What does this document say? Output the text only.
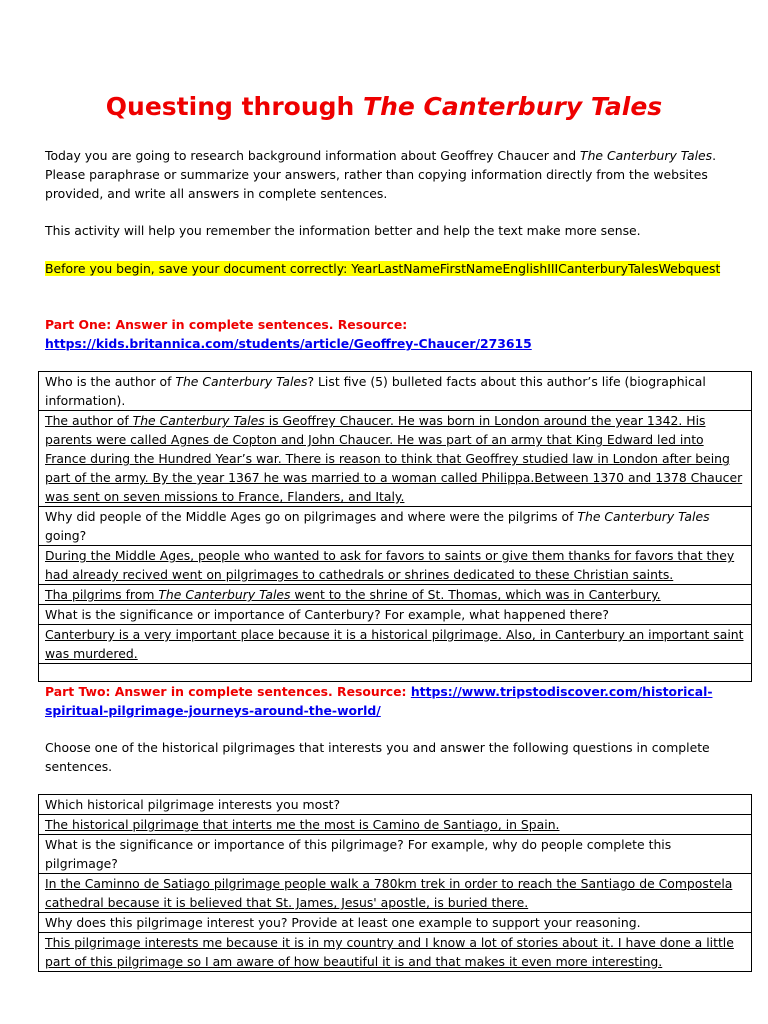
Questing through The Canterbury Tales

Today you are going to research background information about Geoffrey Chaucer and The Canterbury Tales. Please paraphrase or summarize your answers, rather than copying information directly from the websites provided, and write all answers in complete sentences.

This activity will help you remember the information better and help the text make more sense.

Before you begin, save your document correctly: YearLastNameFirstNameEnglishIIICanterburyTalesWebquest

Part One: Answer in complete sentences. Resource: https://kids.britannica.com/students/article/Geoffrey-Chaucer/273615

Who is the author of The Canterbury Tales? List five (5) bulleted facts about this author’s life (biographical information).
The author of The Canterbury Tales is Geoffrey Chaucer. He was born in London around the year 1342. His parents were called Agnes de Copton and John Chaucer. He was part of an army that King Edward led into France during the Hundred Year’s war. There is reason to think that Geoffrey studied law in London after being part of the army. By the year 1367 he was married to a woman called Philippa.Between 1370 and 1378 Chaucer was sent on seven missions to France, Flanders, and Italy.
Why did people of the Middle Ages go on pilgrimages and where were the pilgrims of The Canterbury Tales going?
During the Middle Ages, people who wanted to ask for favors to saints or give them thanks for favors that they had already recived went on pilgrimages to cathedrals or shrines dedicated to these Christian saints.
Tha pilgrims from The Canterbury Tales went to the shrine of St. Thomas, which was in Canterbury.
What is the significance or importance of Canterbury? For example, what happened there?
Canterbury is a very important place because it is a historical pilgrimage. Also, in Canterbury an important saint was murdered.

Part Two: Answer in complete sentences. Resource: https://www.tripstodiscover.com/historical-spiritual-pilgrimage-journeys-around-the-world/

Choose one of the historical pilgrimages that interests you and answer the following questions in complete sentences.

Which historical pilgrimage interests you most?
The historical pilgrimage that interts me the most is Camino de Santiago, in Spain.
What is the significance or importance of this pilgrimage? For example, why do people complete this pilgrimage?
In the Caminno de Satiago pilgrimage people walk a 780km trek in order to reach the Santiago de Compostela cathedral because it is believed that St. James, Jesus' apostle, is buried there.
Why does this pilgrimage interest you? Provide at least one example to support your reasoning.
This pilgrimage interests me because it is in my country and I know a lot of stories about it. I have done a little part of this pilgrimage so I am aware of how beautiful it is and that makes it even more interesting.
